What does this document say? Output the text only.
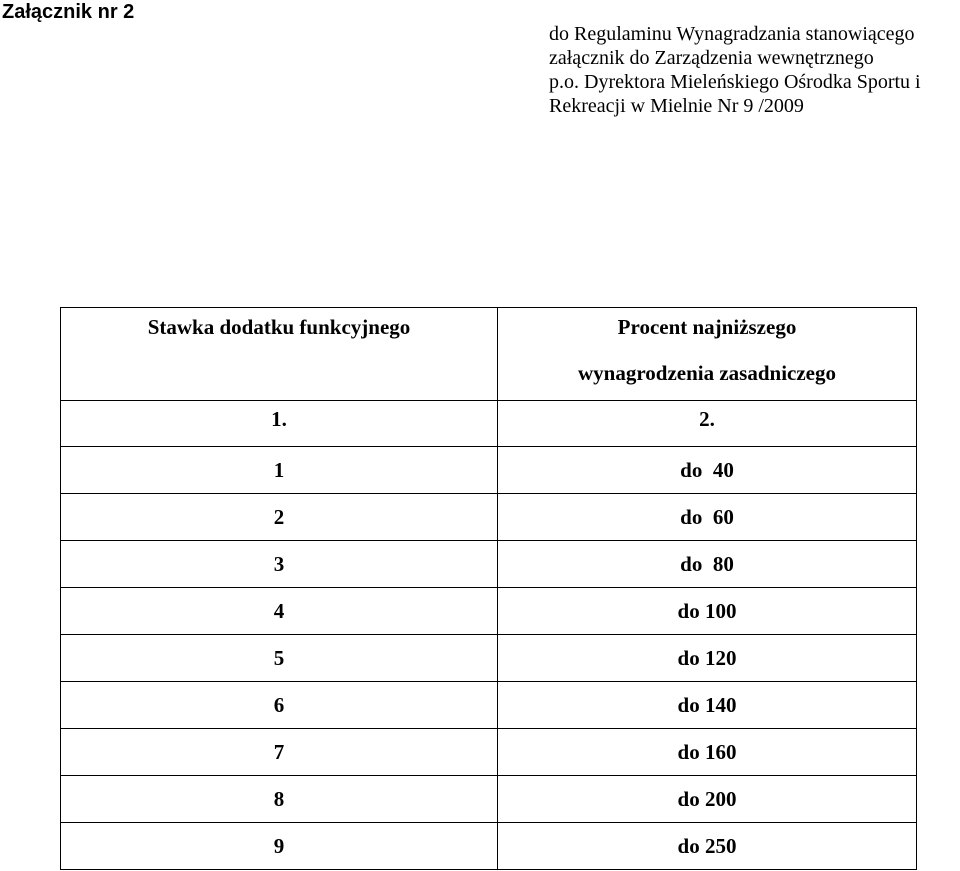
Załącznik nr 2
do Regulaminu Wynagradzania stanowiącego
załącznik do Zarządzenia wewnętrznego
p.o. Dyrektora Mieleńskiego Ośrodka Sportu i
Rekreacji w Mielnie Nr 9 /2009
Stawka dodatku funkcyjnego	Procent najniższego
wynagrodzenia zasadniczego

1.	2.
1	do  40
2	do  60
3	do  80
4	do 100
5	do 120
6	do 140
7	do 160
8	do 200
9	do 250
